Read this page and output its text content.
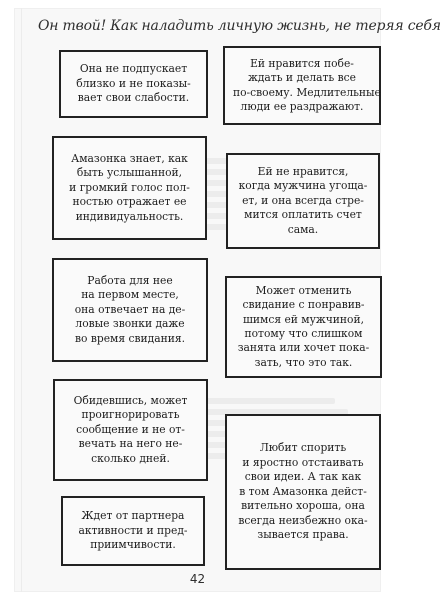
Он твой! Как наладить личную жизнь, не теряя себя
Она не подпускает
близко и не показы-
вает свои слабости.
Амазонка знает, как
быть услышанной,
и громкий голос пол-
ностью отражает ее
индивидуальность.
Работа для нее
на первом месте,
она отвечает на де-
ловые звонки даже
во время свидания.
Обидевшись, может
проигнорировать
сообщение и не от-
вечать на него не-
сколько дней.
Ждет от партнера
активности и пред-
приимчивости.
Ей нравится побе-
ждать и делать все
по-своему. Медлительные
люди ее раздражают.
Ей не нравится,
когда мужчина угоща-
ет, и она всегда стре-
мится оплатить счет
сама.
Может отменить
свидание с понравив-
шимся ей мужчиной,
потому что слишком
занята или хочет пока-
зать, что это так.
Любит спорить
и яростно отстаивать
свои идеи. А так как
в том Амазонка дейст-
вительно хороша, она
всегда неизбежно ока-
зывается права.
42
